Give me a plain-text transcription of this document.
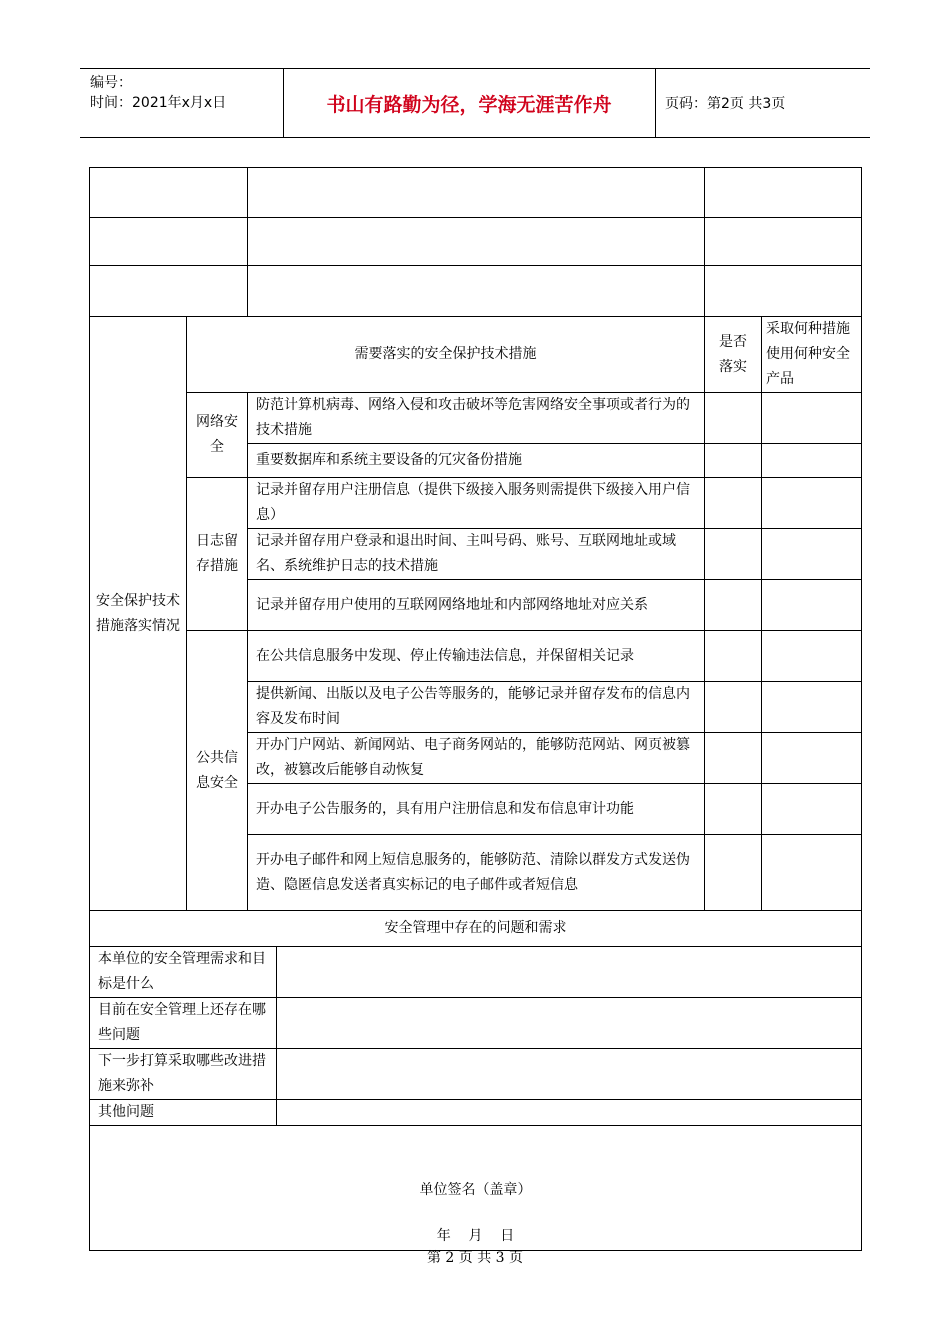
编号：
时间：2021年x月x日	书山有路勤为径，学海无涯苦作舟	页码：第2页 共3页

安全保护技术措施落实情况	需要落实的安全保护技术措施			是否落实	采取何种措施使用何种安全产品
	网络安全	防范计算机病毒、网络入侵和攻击破坏等危害网络安全事项或者行为的技术措施			
		重要数据库和系统主要设备的冗灾备份措施			
	日志留存措施	记录并留存用户注册信息（提供下级接入服务则需提供下级接入用户信息）			
		记录并留存用户登录和退出时间、主叫号码、账号、互联网地址或域名、系统维护日志的技术措施			
		记录并留存用户使用的互联网网络地址和内部网络地址对应关系			
	公共信息安全	在公共信息服务中发现、停止传输违法信息，并保留相关记录			
		提供新闻、出版以及电子公告等服务的，能够记录并留存发布的信息内容及发布时间			
		开办门户网站、新闻网站、电子商务网站的，能够防范网站、网页被篡改，被篡改后能够自动恢复			
		开办电子公告服务的，具有用户注册信息和发布信息审计功能			
		开办电子邮件和网上短信息服务的，能够防范、清除以群发方式发送伪造、隐匿信息发送者真实标记的电子邮件或者短信息			
安全管理中存在的问题和需求					
本单位的安全管理需求和目标是什么					
目前在安全管理上还存在哪些问题					
下一步打算采取哪些改进措施来弥补					
其他问题					

单位签名（盖章）
年    月    日					
第 2 页 共 3 页
